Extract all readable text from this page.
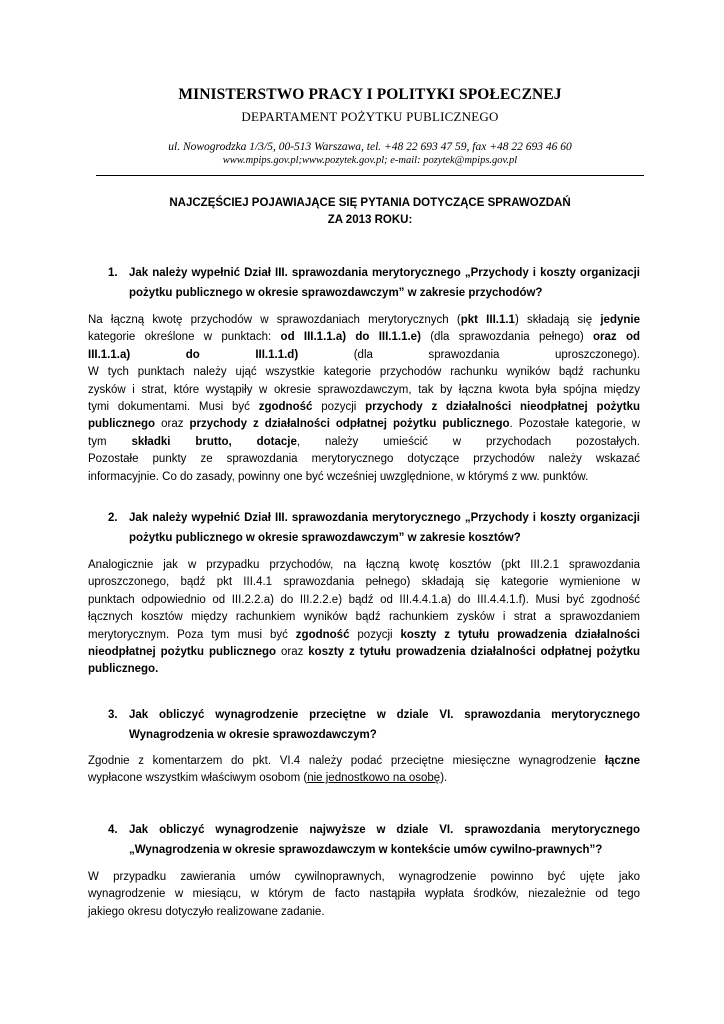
MINISTERSTWO PRACY I POLITYKI SPOŁECZNEJ
DEPARTAMENT POŻYTKU PUBLICZNEGO
ul. Nowogrodzka 1/3/5, 00-513 Warszawa, tel. +48 22 693 47 59, fax +48 22 693 46 60
www.mpips.gov.pl;www.pozytek.gov.pl; e-mail: pozytek@mpips.gov.pl
NAJCZĘŚCIEJ POJAWIAJĄCE SIĘ PYTANIA DOTYCZĄCE SPRAWOZDAŃ
ZA 2013 ROKU:
1. Jak należy wypełnić Dział III. sprawozdania merytorycznego „Przychody i koszty organizacji
pożytku publicznego w okresie sprawozdawczym” w zakresie przychodów?
Na łączną kwotę przychodów w sprawozdaniach merytorycznych (pkt III.1.1) składają się jedynie
kategorie określone w punktach: od III.1.1.a) do III.1.1.e) (dla sprawozdania pełnego) oraz od
III.1.1.a) do III.1.1.d) (dla sprawozdania uproszczonego).
W tych punktach należy ująć wszystkie kategorie przychodów rachunku wyników bądź rachunku
zysków i strat, które wystąpiły w okresie sprawozdawczym, tak by łączna kwota była spójna między
tymi dokumentami. Musi być zgodność pozycji przychody z działalności nieodpłatnej pożytku
publicznego oraz przychody z działalności odpłatnej pożytku publicznego. Pozostałe kategorie, w
tym składki brutto, dotacje, należy umieścić w przychodach pozostałych.
Pozostałe punkty ze sprawozdania merytorycznego dotyczące przychodów należy wskazać
informacyjnie. Co do zasady, powinny one być wcześniej uwzględnione, w którymś z ww. punktów.
2. Jak należy wypełnić Dział III. sprawozdania merytorycznego „Przychody i koszty organizacji
pożytku publicznego w okresie sprawozdawczym” w zakresie kosztów?
Analogicznie jak w przypadku przychodów, na łączną kwotę kosztów (pkt III.2.1 sprawozdania
uproszczonego, bądź pkt III.4.1 sprawozdania pełnego) składają się kategorie wymienione w
punktach odpowiednio od III.2.2.a) do III.2.2.e) bądź od III.4.4.1.a) do III.4.4.1.f). Musi być zgodność
łącznych kosztów między rachunkiem wyników bądź rachunkiem zysków i strat a sprawozdaniem
merytorycznym. Poza tym musi być zgodność pozycji koszty z tytułu prowadzenia działalności
nieodpłatnej pożytku publicznego oraz koszty z tytułu prowadzenia działalności odpłatnej pożytku
publicznego.
3. Jak obliczyć wynagrodzenie przeciętne w dziale VI. sprawozdania merytorycznego
Wynagrodzenia w okresie sprawozdawczym?
Zgodnie z komentarzem do pkt. VI.4 należy podać przeciętne miesięczne wynagrodzenie łączne
wypłacone wszystkim właściwym osobom (nie jednostkowo na osobę).
4. Jak obliczyć wynagrodzenie najwyższe w dziale VI. sprawozdania merytorycznego
„Wynagrodzenia w okresie sprawozdawczym w kontekście umów cywilno-prawnych”?
W przypadku zawierania umów cywilnoprawnych, wynagrodzenie powinno być ujęte jako
wynagrodzenie w miesiącu, w którym de facto nastąpiła wypłata środków, niezależnie od tego
jakiego okresu dotyczyło realizowane zadanie.
